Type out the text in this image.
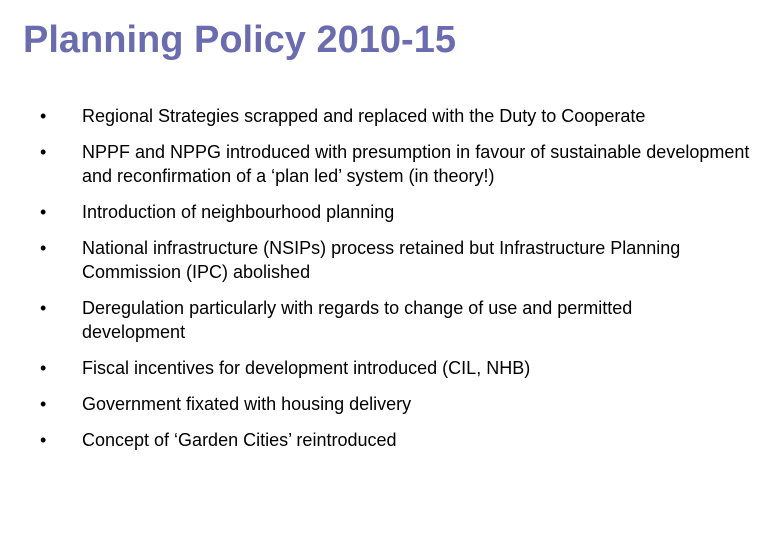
Planning Policy 2010-15
• Regional Strategies scrapped and replaced with the Duty to Cooperate
• NPPF and NPPG introduced with presumption in favour of sustainable development and reconfirmation of a ‘plan led’ system (in theory!)
• Introduction of neighbourhood planning
• National infrastructure (NSIPs) process retained but Infrastructure Planning Commission (IPC) abolished
• Deregulation particularly with regards to change of use and permitted development
• Fiscal incentives for development introduced (CIL, NHB)
• Government fixated with housing delivery
• Concept of ‘Garden Cities’ reintroduced
